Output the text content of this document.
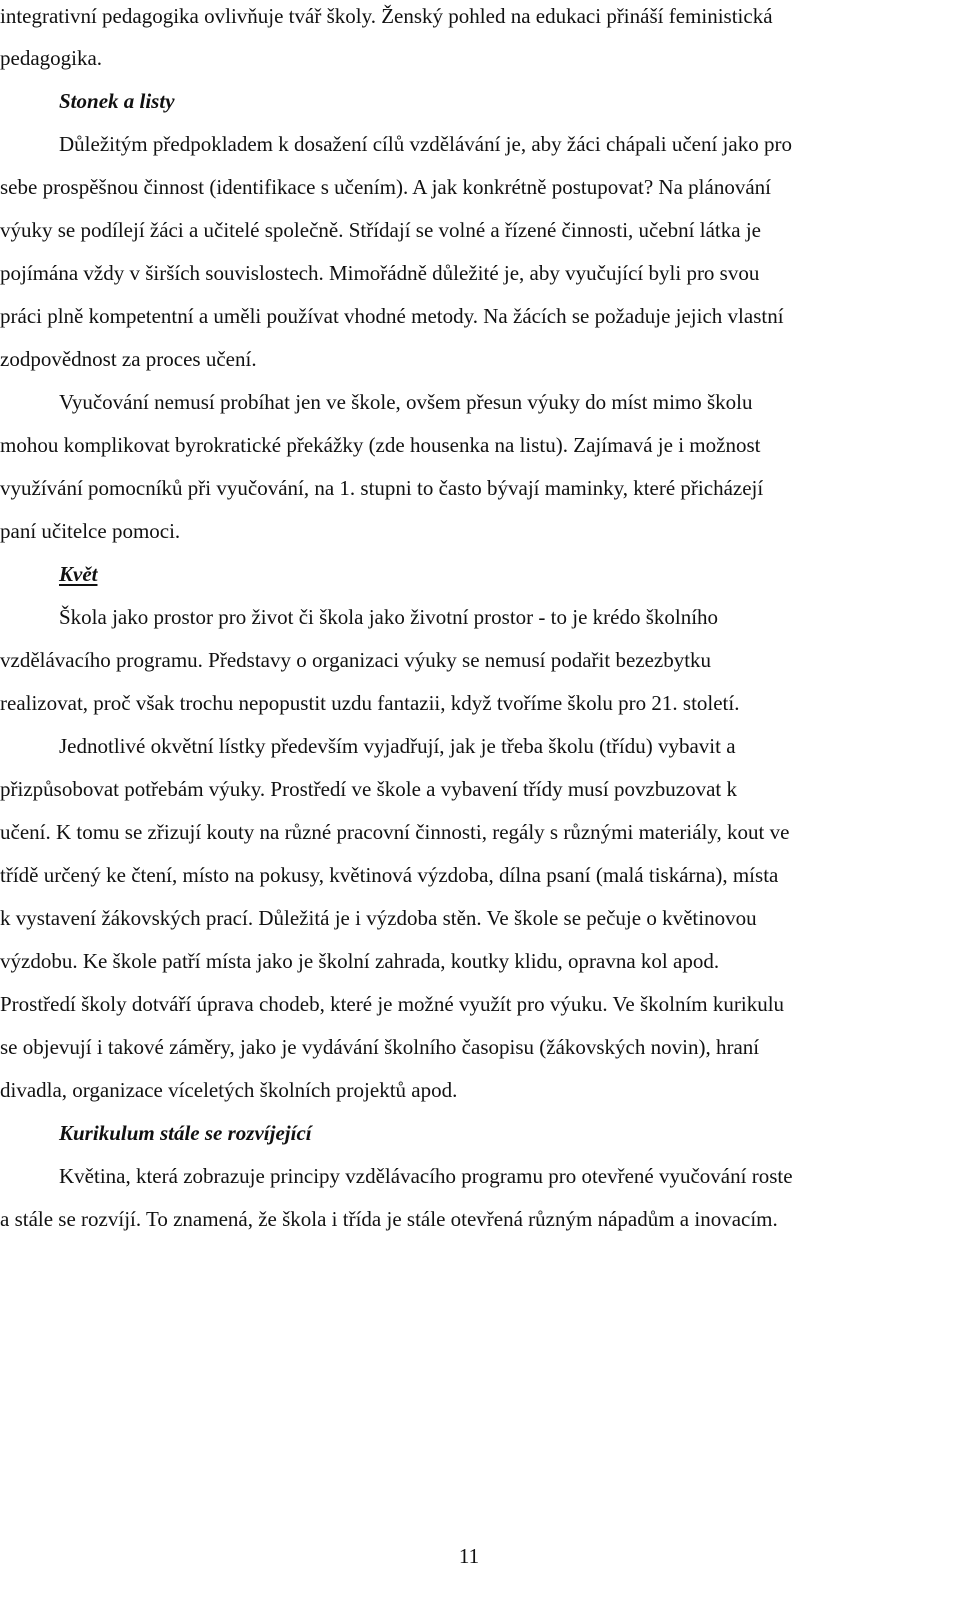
integrativní pedagogika ovlivňuje tvář školy. Ženský pohled na edukaci přináší feministická
pedagogika.
Stonek a listy
Důležitým předpokladem k dosažení cílů vzdělávání je, aby žáci chápali učení jako pro
sebe prospěšnou činnost (identifikace s učením). A jak konkrétně postupovat? Na plánování
výuky se podílejí žáci a učitelé společně. Střídají se volné a řízené činnosti, učební látka je
pojímána vždy v širších souvislostech. Mimořádně důležité je, aby vyučující byli pro svou
práci plně kompetentní a uměli používat vhodné metody. Na žácích se požaduje jejich vlastní
zodpovědnost za proces učení.
Vyučování nemusí probíhat jen ve škole, ovšem přesun výuky do míst mimo školu
mohou komplikovat byrokratické překážky (zde housenka na listu). Zajímavá je i možnost
využívání pomocníků při vyučování, na 1. stupni to často bývají maminky, které přicházejí
paní učitelce pomoci.
Květ
Škola jako prostor pro život či škola jako životní prostor - to je krédo školního
vzdělávacího programu. Představy o organizaci výuky se nemusí podařit bezezbytku
realizovat, proč však trochu nepopustit uzdu fantazii, když tvoříme školu pro 21. století.
Jednotlivé okvětní lístky především vyjadřují, jak je třeba školu (třídu) vybavit a
přizpůsobovat potřebám výuky. Prostředí ve škole a vybavení třídy musí povzbuzovat k
učení. K tomu se zřizují kouty na různé pracovní činnosti, regály s různými materiály, kout ve
třídě určený ke čtení, místo na pokusy, květinová výzdoba, dílna psaní (malá tiskárna), místa
k vystavení žákovských prací. Důležitá je i výzdoba stěn. Ve škole se pečuje o květinovou
výzdobu. Ke škole patří místa jako je školní zahrada, koutky klidu, opravna kol apod.
Prostředí školy dotváří úprava chodeb, které je možné využít pro výuku. Ve školním kurikulu
se objevují i takové záměry, jako je vydávání školního časopisu (žákovských novin), hraní
divadla, organizace víceletých školních projektů apod.
Kurikulum stále se rozvíjející
Květina, která zobrazuje principy vzdělávacího programu pro otevřené vyučování roste
a stále se rozvíjí. To znamená, že škola i třída je stále otevřená různým nápadům a inovacím.
11
